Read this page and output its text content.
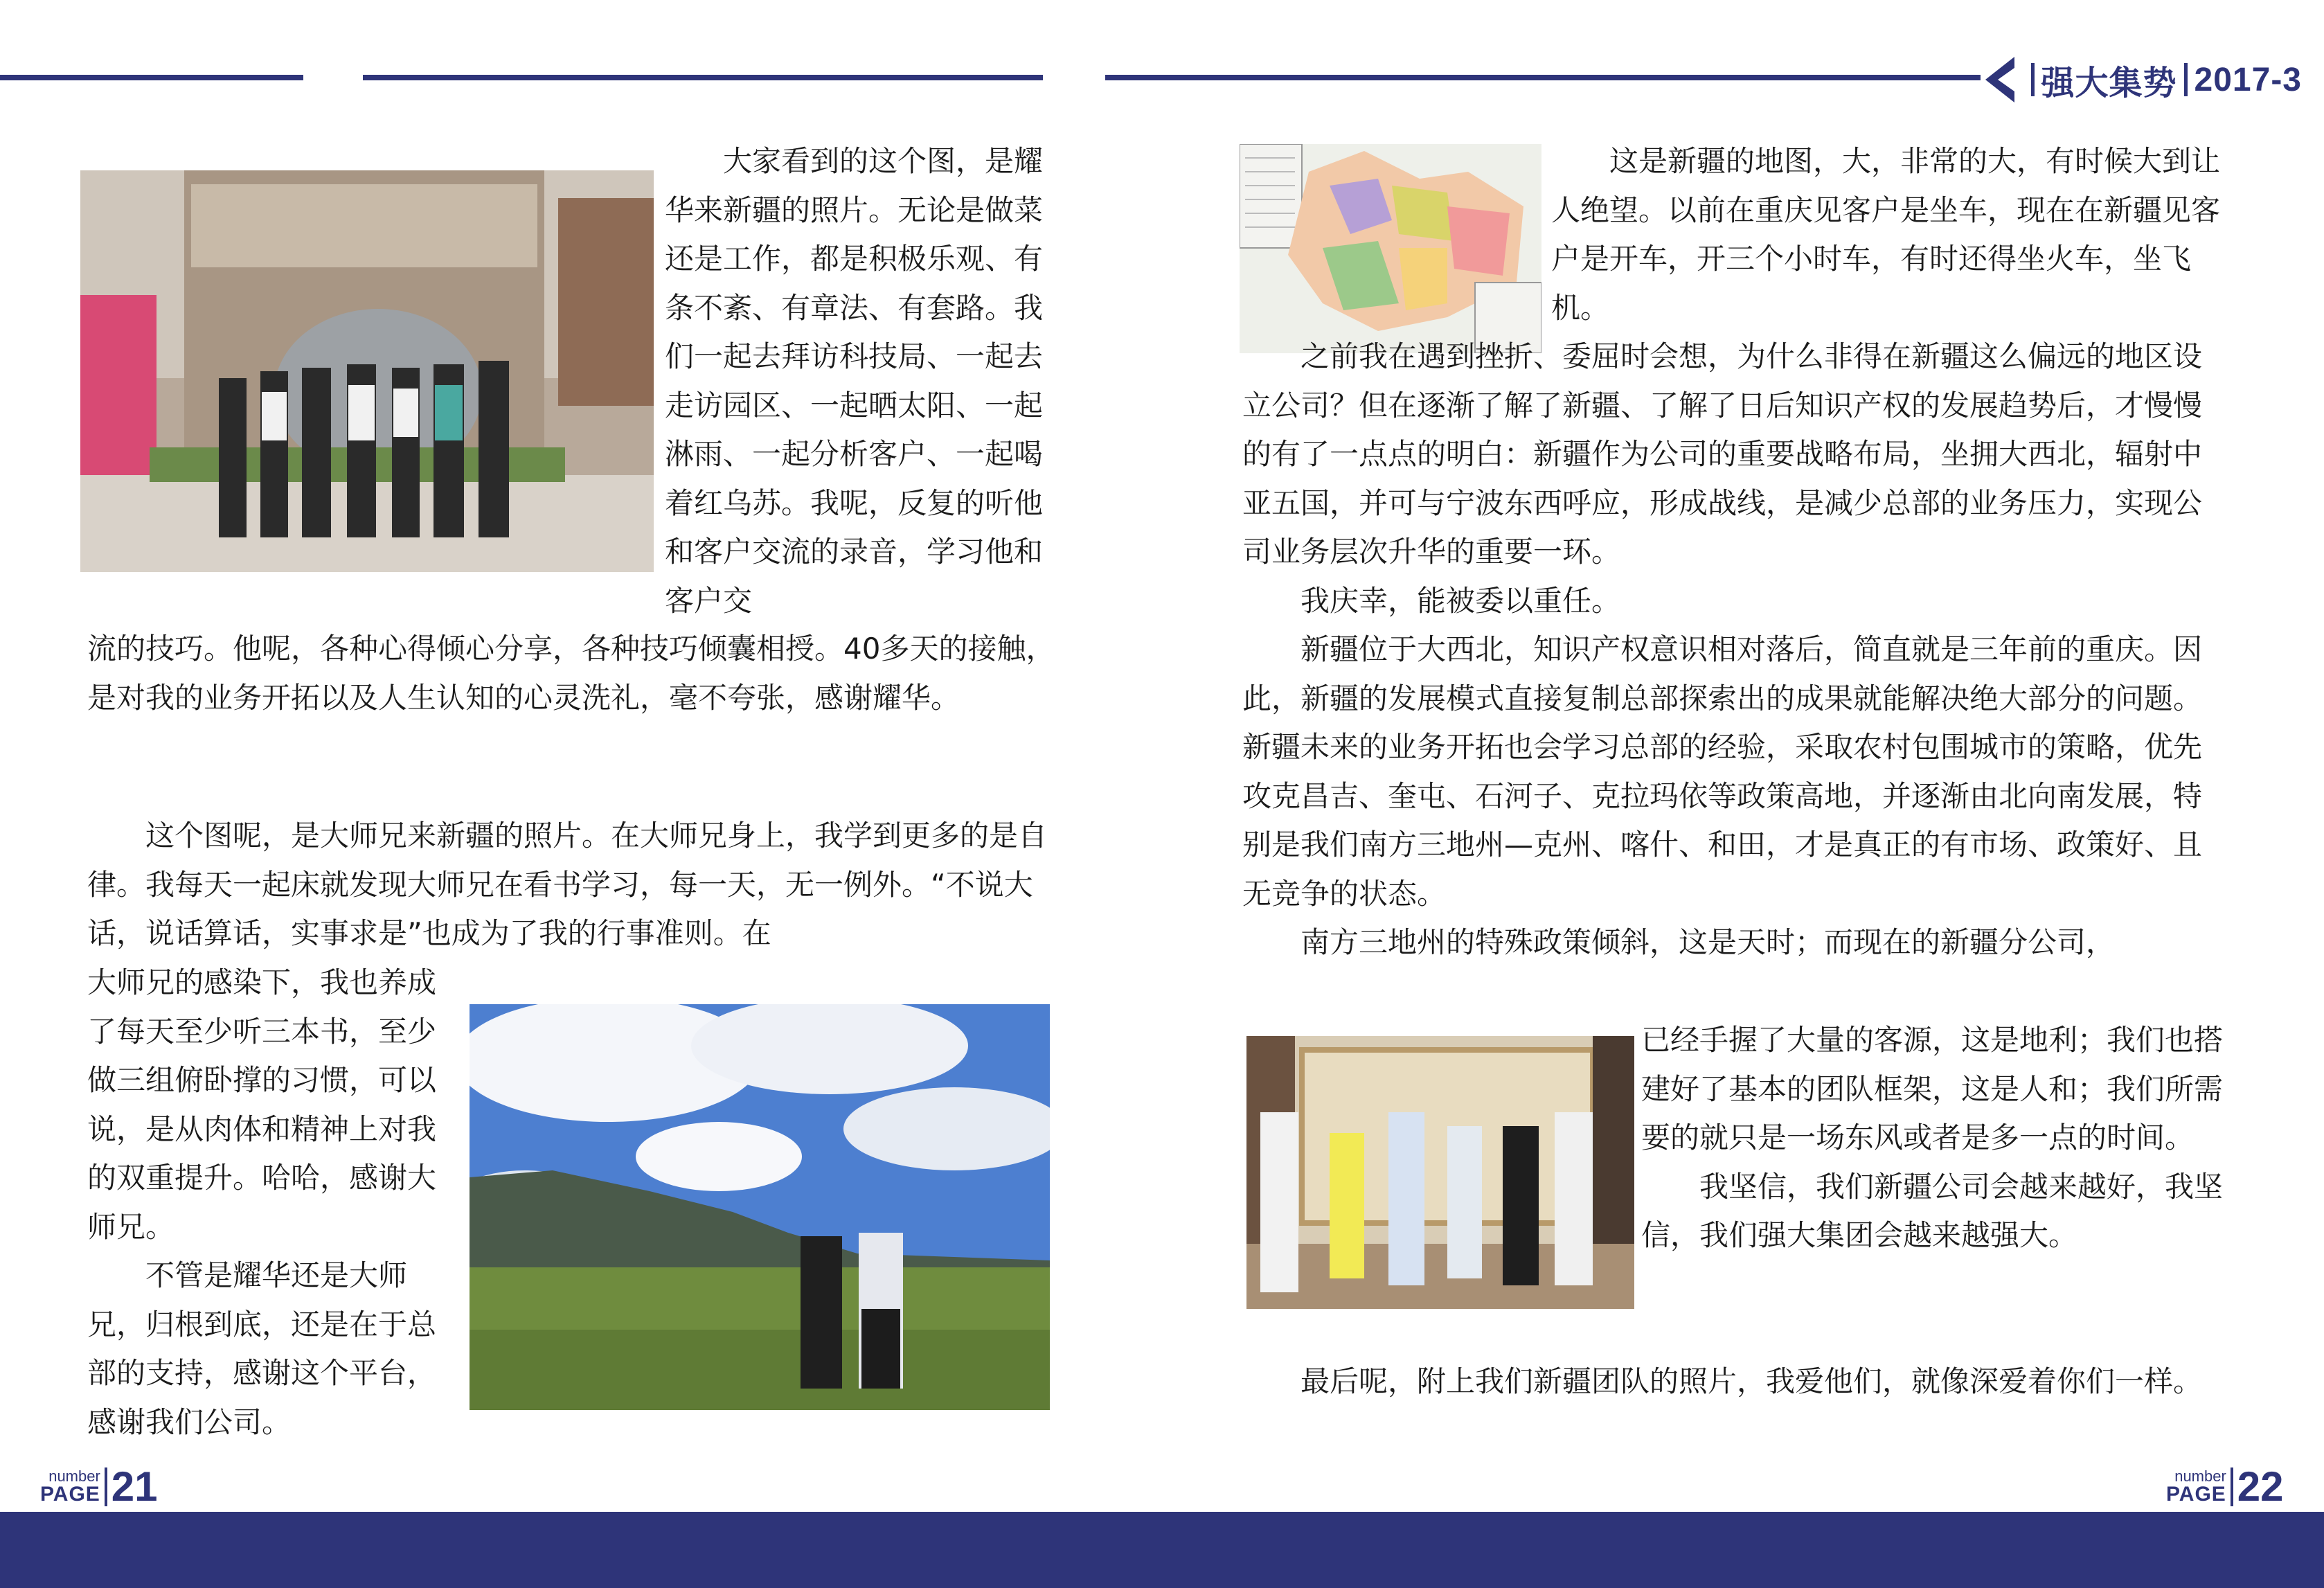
强大集势 2017-3

大家看到的这个图，是耀华来新疆的照片。无论是做菜还是工作，都是积极乐观、有条不紊、有章法、有套路。我们一起去拜访科技局、一起去走访园区、一起晒太阳、一起淋雨、一起分析客户、一起喝着红乌苏。我呢，反复的听他和客户交流的录音，学习他和客户交

流的技巧。他呢，各种心得倾心分享，各种技巧倾囊相授。40多天的接触，是对我的业务开拓以及人生认知的心灵洗礼，毫不夸张，感谢耀华。

这个图呢，是大师兄来新疆的照片。在大师兄身上，我学到更多的是自律。我每天一起床就发现大师兄在看书学习，每一天，无一例外。“不说大话，说话算话，实事求是”也成为了我的行事准则。在

大师兄的感染下，我也养成了每天至少听三本书，至少做三组俯卧撑的习惯，可以说，是从肉体和精神上对我的双重提升。哈哈，感谢大师兄。

不管是耀华还是大师兄，归根到底，还是在于总部的支持，感谢这个平台，感谢我们公司。

这是新疆的地图，大，非常的大，有时候大到让人绝望。以前在重庆见客户是坐车，现在在新疆见客户是开车，开三个小时车，有时还得坐火车，坐飞机。

之前我在遇到挫折、委屈时会想，为什么非得在新疆这么偏远的地区设立公司？但在逐渐了解了新疆、了解了日后知识产权的发展趋势后，才慢慢的有了一点点的明白：新疆作为公司的重要战略布局，坐拥大西北，辐射中亚五国，并可与宁波东西呼应，形成战线，是减少总部的业务压力，实现公司业务层次升华的重要一环。

我庆幸，能被委以重任。

新疆位于大西北，知识产权意识相对落后，简直就是三年前的重庆。因此，新疆的发展模式直接复制总部探索出的成果就能解决绝大部分的问题。新疆未来的业务开拓也会学习总部的经验，采取农村包围城市的策略，优先攻克昌吉、奎屯、石河子、克拉玛依等政策高地，并逐渐由北向南发展，特别是我们南方三地州—克州、喀什、和田，才是真正的有市场、政策好、且无竞争的状态。

南方三地州的特殊政策倾斜，这是天时；而现在的新疆分公司，

已经手握了大量的客源，这是地利；我们也搭建好了基本的团队框架，这是人和；我们所需要的就只是一场东风或者是多一点的时间。

我坚信，我们新疆公司会越来越好，我坚信，我们强大集团会越来越强大。

最后呢，附上我们新疆团队的照片，我爱他们，就像深爱着你们一样。

number
PAGE 21	number
PAGE 22
